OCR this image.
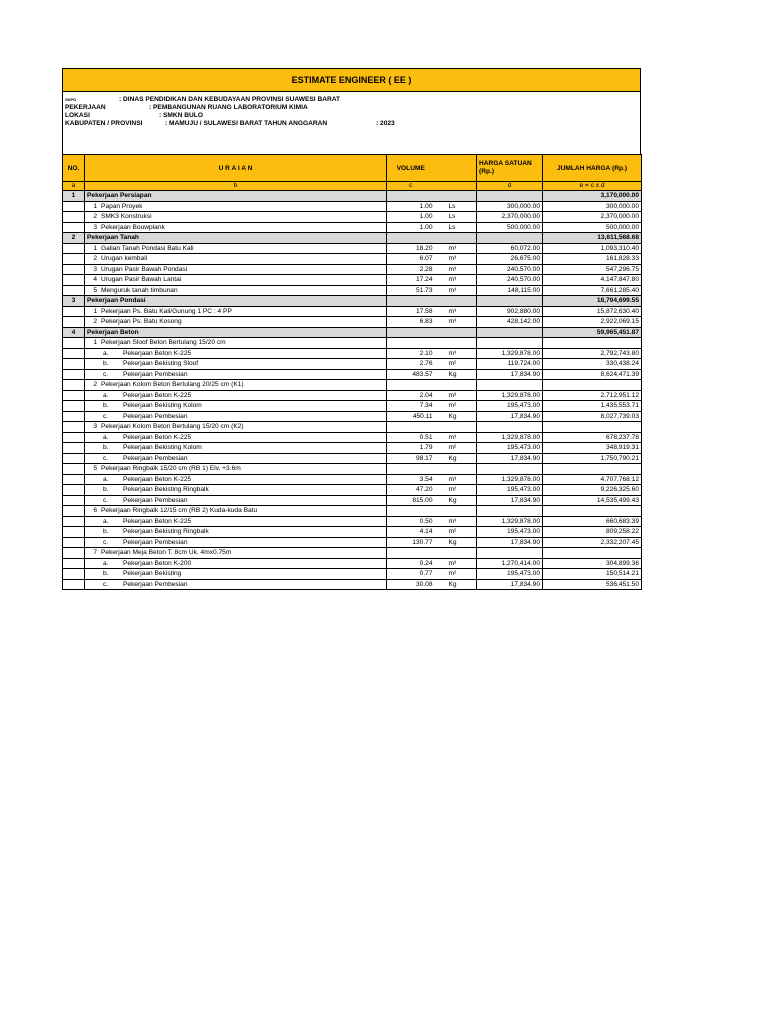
ESTIMATE ENGINEER ( EE )
SKPD	: DINAS PENDIDIKAN DAN KEBUDAYAAN PROVINSI SUAWESI BARAT
PEKERJAAN	: PEMBANGUNAN RUANG LABORATORIUM KIMIA
LOKASI	: SMKN BULO
KABUPATEN / PROVINSI	: MAMUJU / SULAWESI BARAT TAHUN ANGGARAN	: 2023
NO.	U R A I A N	VOLUME		HARGA SATUAN (Rp.)	JUMLAH HARGA (Rp.)
a	b	c		d	e = c x d
1	Pekerjaan Persiapan				3,170,000.00
	1 Papan Proyek	1.00	Ls	300,000.00	300,000.00
	2 SMK3 Konstruksi	1.00	Ls	2,370,000.00	2,370,000.00
	3 Pekerjaan Bouwplank	1.00	Ls	500,000.00	500,000.00
2	Pekerjaan Tanah				13,611,568.68
	1 Galian Tanah Pondasi Batu Kali	18.20	m³	60,072.00	1,093,310.40
	2 Urugan kembali	6.07	m³	26,675.00	161,828.33
	3 Urugan Pasir Bawah Pondasi	2.28	m³	240,570.00	547,296.75
	4 Urugan Pasir Bawah Lantai	17.24	m³	240,570.00	4,147,847.80
	5 Menguruk tanah timbunan	51.73	m³	148,115.00	7,661,285.40
3	Pekerjaan Pondasi				18,794,699.55
	1 Pekerjaan Ps. Batu Kali/Gunung 1 PC : 4 PP	17.58	m³	902,880.00	15,872,630.40
	2 Pekerjaan Ps. Batu Kosong	6.83	m³	428,142.00	2,922,069.15
4	Pekerjaan Beton				59,965,451.87
	1 Pekerjaan Sloof Beton Bertulang 15/20 cm				
	a. Pekerjaan Beton K-225	2.10	m³	1,329,878.00	2,792,743.80
	b. Pekerjaan Bekisting Sloof	2.76	m²	119,724.00	330,438.24
	c. Pekerjaan Pembesian	483.57	Kg	17,834.90	8,624,471.39
	2 Pekerjaan Kolom Beton Bertulang 20/25 cm (K1)				
	a. Pekerjaan Beton K-225	2.04	m³	1,329,878.00	2,712,951.12
	b. Pekerjaan Bekisting Kolom	7.34	m²	195,473.00	1,435,553.71
	c. Pekerjaan Pembesian	450.11	Kg	17,834.90	8,027,739.03
	3 Pekerjaan Kolom Beton Bertulang 15/20 cm (K2)				
	a. Pekerjaan Beton K-225	0.51	m³	1,329,878.00	678,237.78
	b. Pekerjaan Bekisting Kolom	1.79	m²	195,473.00	348,919.31
	c. Pekerjaan Pembesian	98.17	Kg	17,834.90	1,750,790.21
	5 Pekerjaan Ringbalk 15/20 cm (RB 1) Elv. +3.6m				
	a. Pekerjaan Beton K-225	3.54	m³	1,329,878.00	4,707,768.12
	b. Pekerjaan Bekisting Ringbalk	47.20	m²	195,473.00	9,226,325.60
	c. Pekerjaan Pembesian	815.00	Kg	17,834.90	14,535,499.43
	6 Pekerjaan Ringbalk 12/15 cm (RB 2) Kuda-kuda Batu				
	a. Pekerjaan Beton K-225	0.50	m³	1,329,878.00	660,683.39
	b. Pekerjaan Bekisting Ringbalk	4.14	m²	195,473.00	809,258.22
	c. Pekerjaan Pembesian	130.77	Kg	17,834.90	2,332,207.45
	7 Pekerjaan Meja Beton T. 8cm Uk. 4mx0.75m				
	a. Pekerjaan Beton K-200	0.24	m³	1,270,414.00	304,899.36
	b. Pekerjaan Bekisting	0.77	m²	195,473.00	150,514.21
	c. Pekerjaan Pembesian	30.08	Kg	17,834.90	536,451.50
